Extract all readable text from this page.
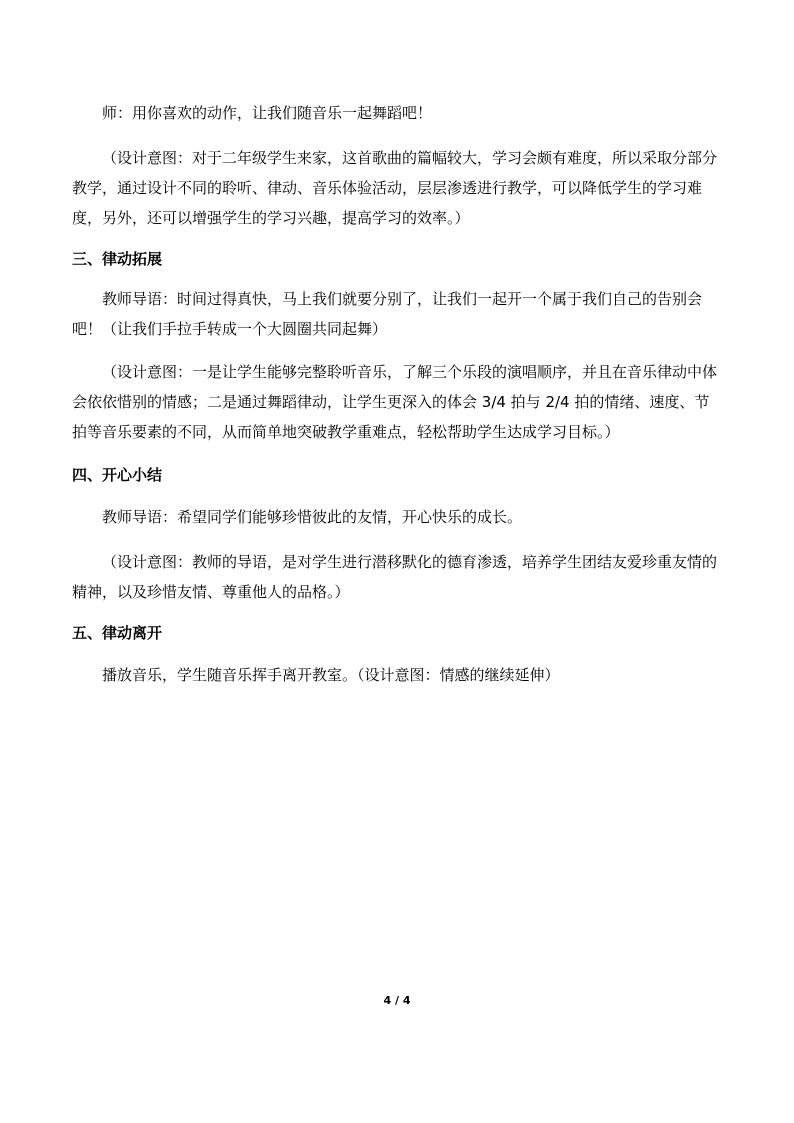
师：用你喜欢的动作，让我们随音乐一起舞蹈吧！

（设计意图：对于二年级学生来家，这首歌曲的篇幅较大，学习会颇有难度，所以采取分部分教学，通过设计不同的聆听、律动、音乐体验活动，层层渗透进行教学，可以降低学生的学习难度，另外，还可以增强学生的学习兴趣，提高学习的效率。）

三、律动拓展

教师导语：时间过得真快，马上我们就要分别了，让我们一起开一个属于我们自己的告别会吧！（让我们手拉手转成一个大圆圈共同起舞）

（设计意图：一是让学生能够完整聆听音乐，了解三个乐段的演唱顺序，并且在音乐律动中体会依依惜别的情感；二是通过舞蹈律动，让学生更深入的体会 3/4 拍与 2/4 拍的情绪、速度、节拍等音乐要素的不同，从而简单地突破教学重难点，轻松帮助学生达成学习目标。）

四、开心小结

教师导语：希望同学们能够珍惜彼此的友情，开心快乐的成长。

（设计意图：教师的导语，是对学生进行潜移默化的德育渗透，培养学生团结友爱珍重友情的精神，以及珍惜友情、尊重他人的品格。）

五、律动离开

播放音乐，学生随音乐挥手离开教室。（设计意图：情感的继续延伸）

4 / 4
